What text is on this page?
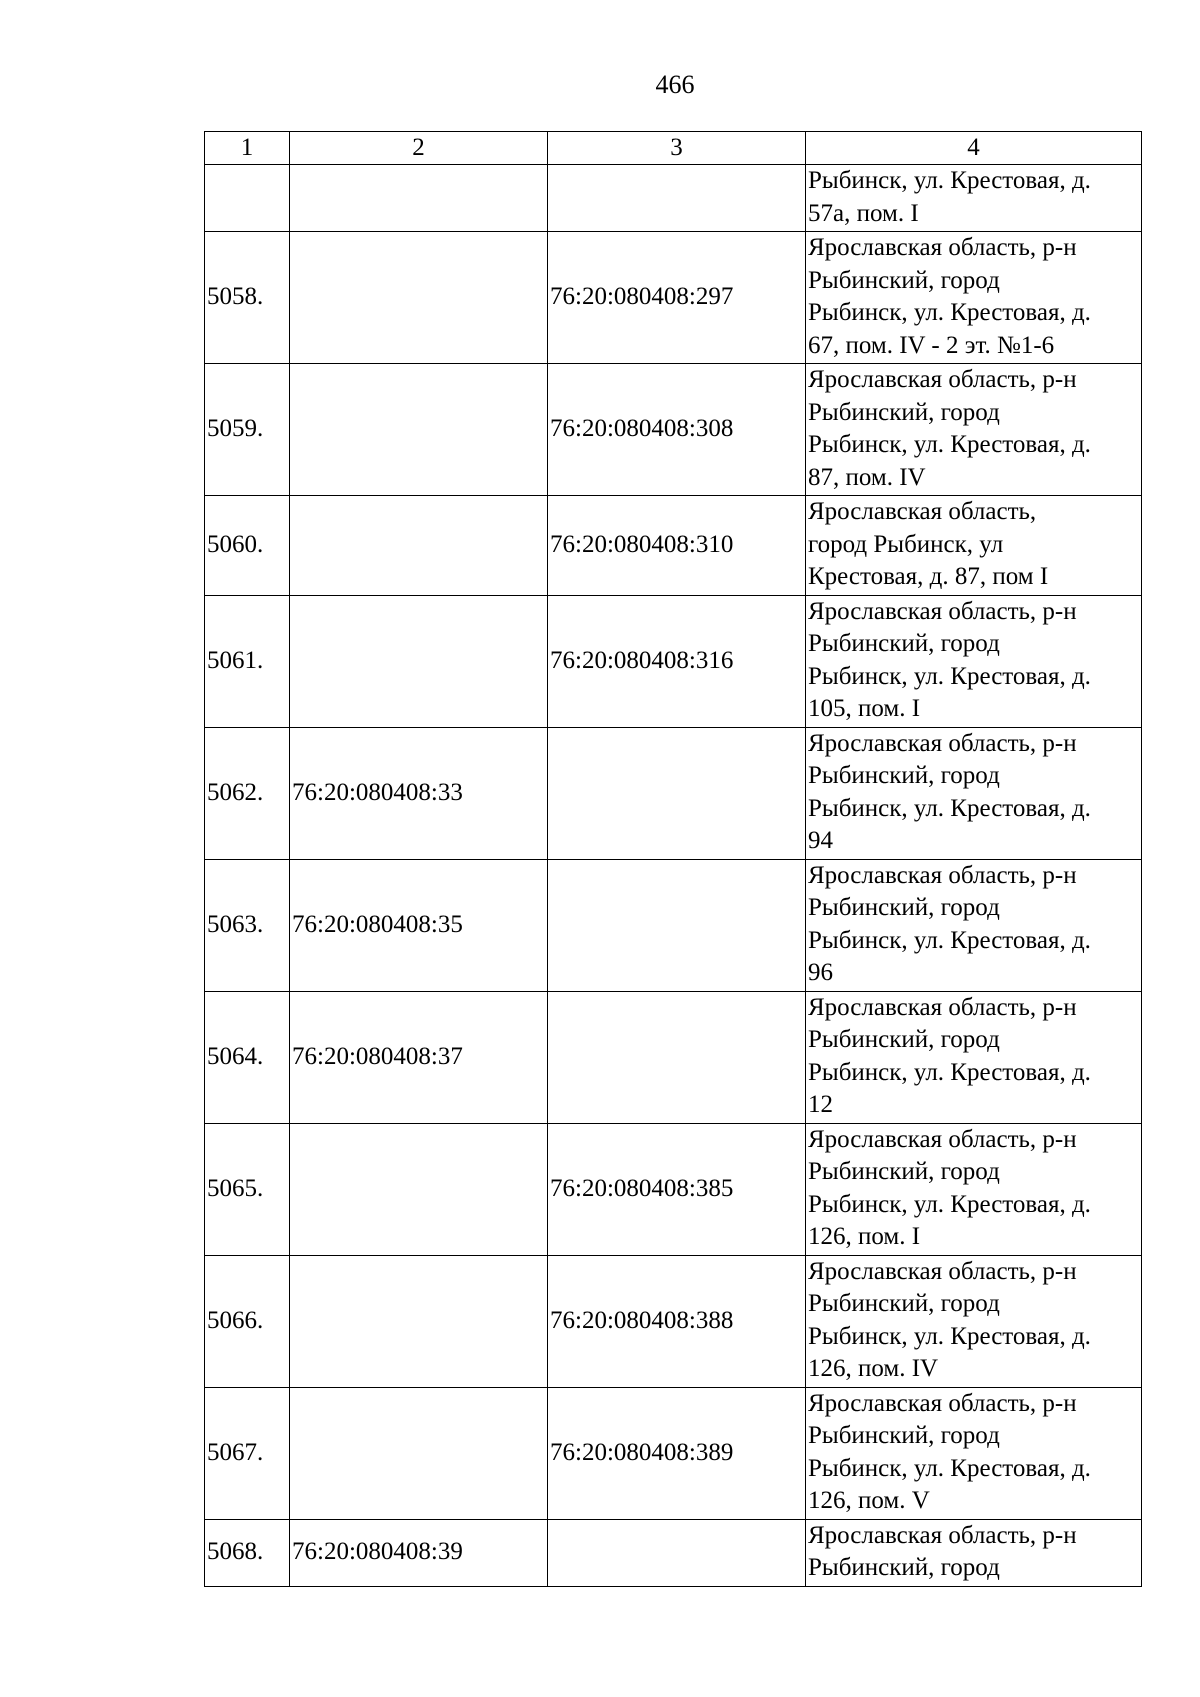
466
1	2	3	4

			Рыбинск, ул. Крестовая, д.
57а, пом. I

5058.		76:20:080408:297	Ярославская область, р-н
Рыбинский, город
Рыбинск, ул. Крестовая, д.
67, пом. IV - 2 эт. №1-6

5059.		76:20:080408:308	Ярославская область, р-н
Рыбинский, город
Рыбинск, ул. Крестовая, д.
87, пом. IV

5060.		76:20:080408:310	Ярославская область,
город Рыбинск, ул
Крестовая, д. 87, пом I

5061.		76:20:080408:316	Ярославская область, р-н
Рыбинский, город
Рыбинск, ул. Крестовая, д.
105, пом. I

5062.	76:20:080408:33		Ярославская область, р-н
Рыбинский, город
Рыбинск, ул. Крестовая, д.
94

5063.	76:20:080408:35		Ярославская область, р-н
Рыбинский, город
Рыбинск, ул. Крестовая, д.
96

5064.	76:20:080408:37		Ярославская область, р-н
Рыбинский, город
Рыбинск, ул. Крестовая, д.
12

5065.		76:20:080408:385	Ярославская область, р-н
Рыбинский, город
Рыбинск, ул. Крестовая, д.
126, пом. I

5066.		76:20:080408:388	Ярославская область, р-н
Рыбинский, город
Рыбинск, ул. Крестовая, д.
126, пом. IV

5067.		76:20:080408:389	Ярославская область, р-н
Рыбинский, город
Рыбинск, ул. Крестовая, д.
126, пом. V

5068.	76:20:080408:39		Ярославская область, р-н
Рыбинский, город
